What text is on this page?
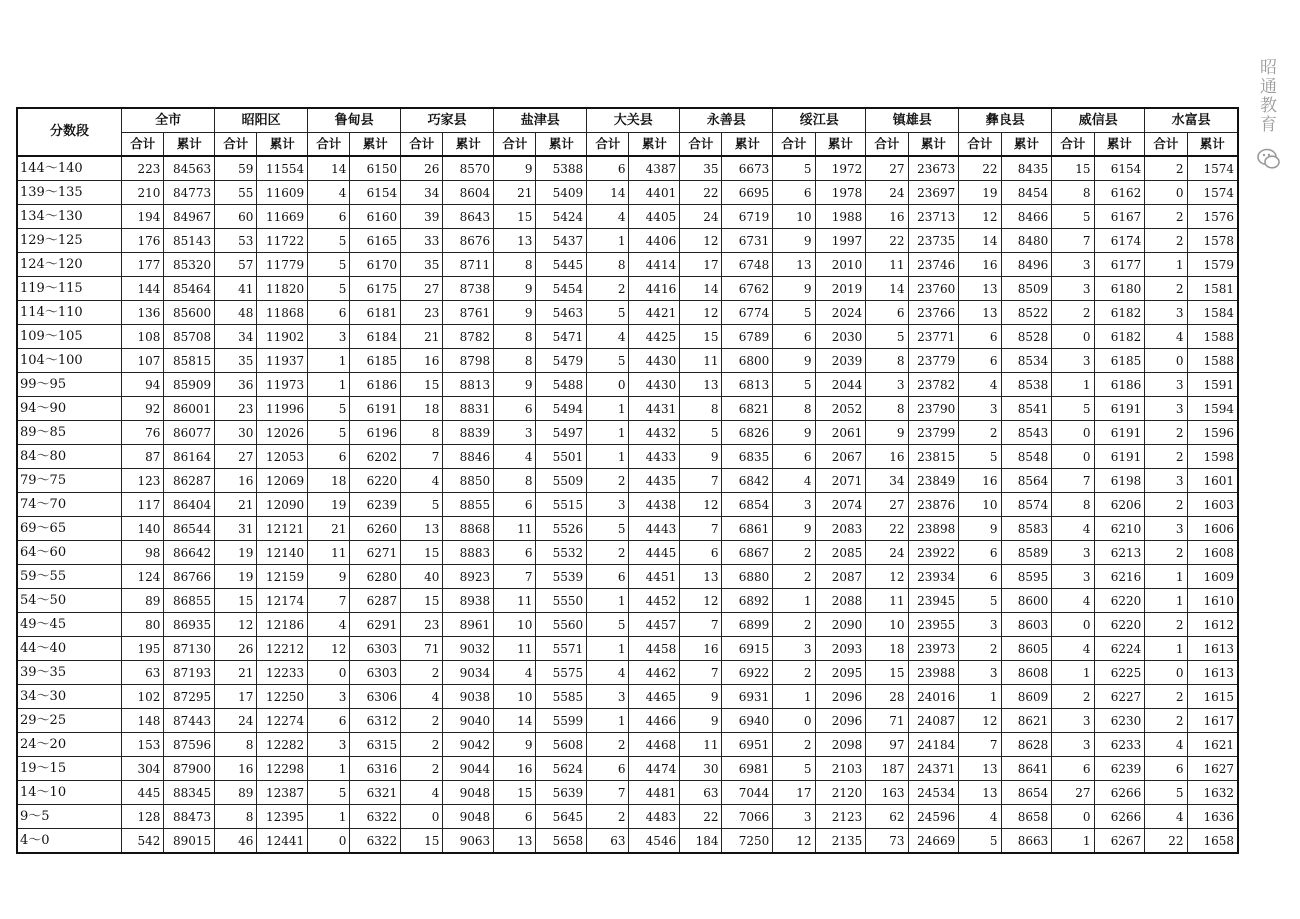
分数段	全市		昭阳区		鲁甸县		巧家县		盐津县		大关县		永善县		绥江县		镇雄县		彝良县		威信县		水富县	
	合计	累计	合计	累计	合计	累计	合计	累计	合计	累计	合计	累计	合计	累计	合计	累计	合计	累计	合计	累计	合计	累计	合计	累计
144～140	223	84563	59	11554	14	6150	26	8570	9	5388	6	4387	35	6673	5	1972	27	23673	22	8435	15	6154	2	1574
139～135	210	84773	55	11609	4	6154	34	8604	21	5409	14	4401	22	6695	6	1978	24	23697	19	8454	8	6162	0	1574
134～130	194	84967	60	11669	6	6160	39	8643	15	5424	4	4405	24	6719	10	1988	16	23713	12	8466	5	6167	2	1576
129～125	176	85143	53	11722	5	6165	33	8676	13	5437	1	4406	12	6731	9	1997	22	23735	14	8480	7	6174	2	1578
124～120	177	85320	57	11779	5	6170	35	8711	8	5445	8	4414	17	6748	13	2010	11	23746	16	8496	3	6177	1	1579
119～115	144	85464	41	11820	5	6175	27	8738	9	5454	2	4416	14	6762	9	2019	14	23760	13	8509	3	6180	2	1581
114～110	136	85600	48	11868	6	6181	23	8761	9	5463	5	4421	12	6774	5	2024	6	23766	13	8522	2	6182	3	1584
109～105	108	85708	34	11902	3	6184	21	8782	8	5471	4	4425	15	6789	6	2030	5	23771	6	8528	0	6182	4	1588
104～100	107	85815	35	11937	1	6185	16	8798	8	5479	5	4430	11	6800	9	2039	8	23779	6	8534	3	6185	0	1588
99～95	94	85909	36	11973	1	6186	15	8813	9	5488	0	4430	13	6813	5	2044	3	23782	4	8538	1	6186	3	1591
94～90	92	86001	23	11996	5	6191	18	8831	6	5494	1	4431	8	6821	8	2052	8	23790	3	8541	5	6191	3	1594
89～85	76	86077	30	12026	5	6196	8	8839	3	5497	1	4432	5	6826	9	2061	9	23799	2	8543	0	6191	2	1596
84～80	87	86164	27	12053	6	6202	7	8846	4	5501	1	4433	9	6835	6	2067	16	23815	5	8548	0	6191	2	1598
79～75	123	86287	16	12069	18	6220	4	8850	8	5509	2	4435	7	6842	4	2071	34	23849	16	8564	7	6198	3	1601
74～70	117	86404	21	12090	19	6239	5	8855	6	5515	3	4438	12	6854	3	2074	27	23876	10	8574	8	6206	2	1603
69～65	140	86544	31	12121	21	6260	13	8868	11	5526	5	4443	7	6861	9	2083	22	23898	9	8583	4	6210	3	1606
64～60	98	86642	19	12140	11	6271	15	8883	6	5532	2	4445	6	6867	2	2085	24	23922	6	8589	3	6213	2	1608
59～55	124	86766	19	12159	9	6280	40	8923	7	5539	6	4451	13	6880	2	2087	12	23934	6	8595	3	6216	1	1609
54～50	89	86855	15	12174	7	6287	15	8938	11	5550	1	4452	12	6892	1	2088	11	23945	5	8600	4	6220	1	1610
49～45	80	86935	12	12186	4	6291	23	8961	10	5560	5	4457	7	6899	2	2090	10	23955	3	8603	0	6220	2	1612
44～40	195	87130	26	12212	12	6303	71	9032	11	5571	1	4458	16	6915	3	2093	18	23973	2	8605	4	6224	1	1613
39～35	63	87193	21	12233	0	6303	2	9034	4	5575	4	4462	7	6922	2	2095	15	23988	3	8608	1	6225	0	1613
34～30	102	87295	17	12250	3	6306	4	9038	10	5585	3	4465	9	6931	1	2096	28	24016	1	8609	2	6227	2	1615
29～25	148	87443	24	12274	6	6312	2	9040	14	5599	1	4466	9	6940	0	2096	71	24087	12	8621	3	6230	2	1617
24～20	153	87596	8	12282	3	6315	2	9042	9	5608	2	4468	11	6951	2	2098	97	24184	7	8628	3	6233	4	1621
19～15	304	87900	16	12298	1	6316	2	9044	16	5624	6	4474	30	6981	5	2103	187	24371	13	8641	6	6239	6	1627
14～10	445	88345	89	12387	5	6321	4	9048	15	5639	7	4481	63	7044	17	2120	163	24534	13	8654	27	6266	5	1632
9～5	128	88473	8	12395	1	6322	0	9048	6	5645	2	4483	22	7066	3	2123	62	24596	4	8658	0	6266	4	1636
4～0	542	89015	46	12441	0	6322	15	9063	13	5658	63	4546	184	7250	12	2135	73	24669	5	8663	1	6267	22	1658
昭通教育
